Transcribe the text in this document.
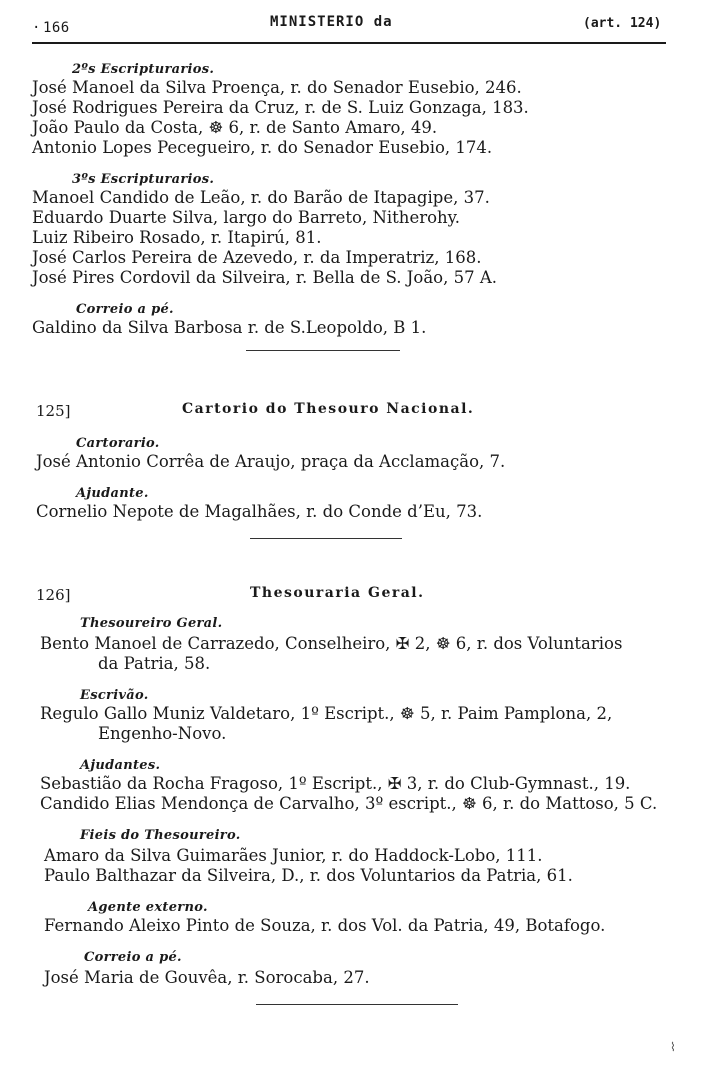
· 166	MINISTERIO da	(art. 124)
2ºs Escripturarios.
José Manoel da Silva Proença, r. do Senador Eusebio, 246.
José Rodrigues Pereira da Cruz, r. de S. Luiz Gonzaga, 183.
João Paulo da Costa, ☸ 6, r. de Santo Amaro, 49.
Antonio Lopes Pecegueiro, r. do Senador Eusebio, 174.
3ºs Escripturarios.
Manoel Candido de Leão, r. do Barão de Itapagipe, 37.
Eduardo Duarte Silva, largo do Barreto, Nitherohy.
Luiz Ribeiro Rosado, r. Itapirú, 81.
José Carlos Pereira de Azevedo, r. da Imperatriz, 168.
José Pires Cordovil da Silveira, r. Bella de S. João, 57 A.
Correio a pé.
Galdino da Silva Barbosa r. de S.Leopoldo, B 1.
125]	Cartorio do Thesouro Nacional.
Cartorario.
José Antonio Corrêa de Araujo, praça da Acclamação, 7.
Ajudante.
Cornelio Nepote de Magalhães, r. do Conde d’Eu, 73.
126]	Thesouraria Geral.
Thesoureiro Geral.
Bento Manoel de Carrazedo, Conselheiro, ✠ 2, ☸ 6, r. dos Voluntarios
da Patria, 58.
Escrivão.
Regulo Gallo Muniz Valdetaro, 1º Escript., ☸ 5, r. Paim Pamplona, 2,
Engenho-Novo.
Ajudantes.
Sebastião da Rocha Fragoso, 1º Escript., ✠ 3, r. do Club-Gymnast., 19.
Candido Elias Mendonça de Carvalho, 3º escript., ☸ 6, r. do Mattoso, 5 C.
Fieis do Thesoureiro.
Amaro da Silva Guimarães Junior, r. do Haddock-Lobo, 111.
Paulo Balthazar da Silveira, D., r. dos Voluntarios da Patria, 61.
Agente externo.
Fernando Aleixo Pinto de Souza, r. dos Vol. da Patria, 49, Botafogo.
Correio a pé.
José Maria de Gouvêa, r. Sorocaba, 27.
⌇
